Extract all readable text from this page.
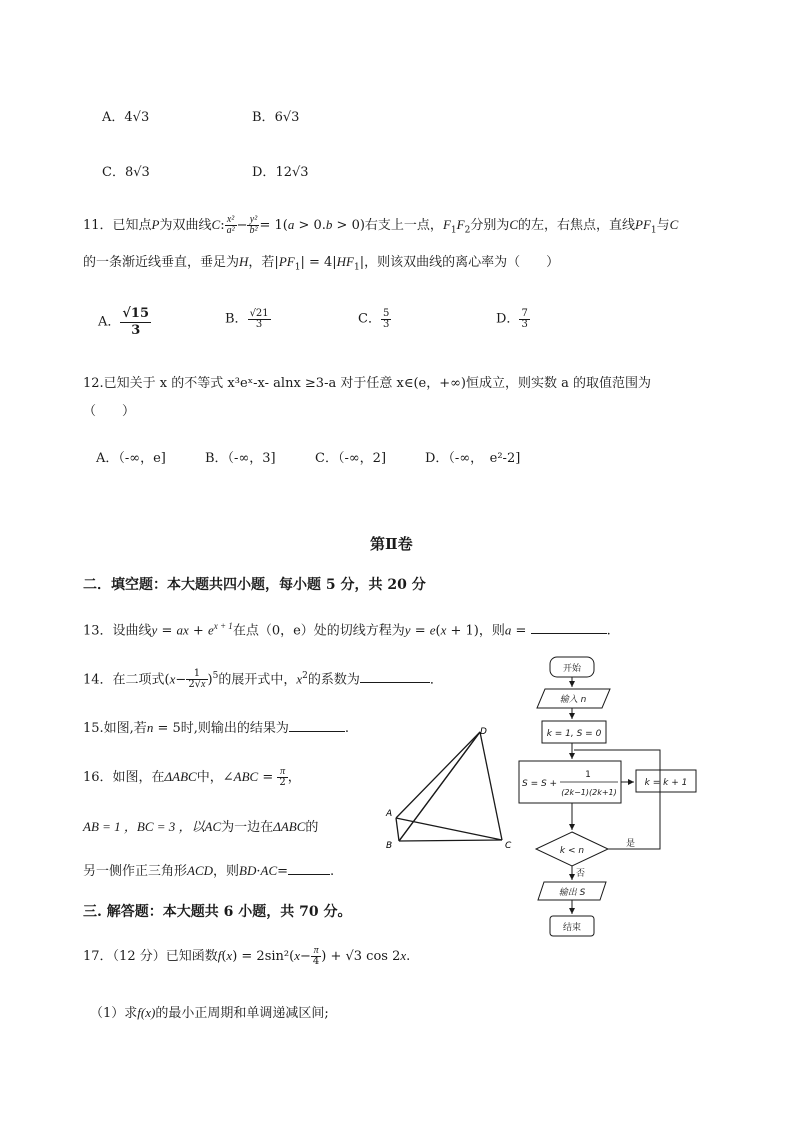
A．4√3	B．6√3
C．8√3	D．12√3
11．已知点P为双曲线C: $\frac{\text{x²}}{\text{a²}} - \frac{\text{y²}}{\text{b²}} = 1(a > 0.b > 0)$右支上一点，$F_1F_2$分别为C的左，右焦点，直线$PF_1$与C
的一条渐近线垂直，垂足为H，若$|PF_1| = 4|HF_1|$，则该双曲线的离心率为（　　）
A． $\frac{√15}{3}$	B． $\frac{√21}{3}$	C． $\frac{5}{3}$	D． $\frac{7}{3}$
12.已知关于 x 的不等式 x³eˣ-x- alnx ≥3-a 对于任意 x∈(e，+∞)恒成立，则实数 a 的取值范围为
（　　）
A．（-∞，e]	B．（-∞，3]	C．（-∞，2]	D．（-∞，　e²-2]
第Ⅱ卷
二．填空题：本大题共四小题，每小题 5 分，共 20 分
13．设曲线y = ax + $e^{x + 1}$在点（0，e）处的切线方程为y = e(x + 1)，则a =	.
14．在二项式$(x- \frac{1}{2√x} )^5$的展开式中，$x^2$的系数为	．
15.如图,若n = 5时,则输出的结果为	.
16．如图，在ΔABC中，∠ABC = $\frac{\pi}{2}$ ，
AB = 1 ，BC = 3 ，以AC为一边在ΔABC的
另一侧作正三角形ACD，则BD·AC=	.
三. 解答题：本大题共 6 小题，共 70 分。
17．（12 分）已知函数$f(x) = 2\sin^2(x- \frac{\pi}{4}$ ) + √3 cos 2x.
（1）求f(x)的最小正周期和单调递减区间;
A
B	C
D
开始
输入 n
k = 1, S = 0
S = S +
1
(2k−1)(2k+1)
k = k + 1
k < n
是
否
输出 S
结束
